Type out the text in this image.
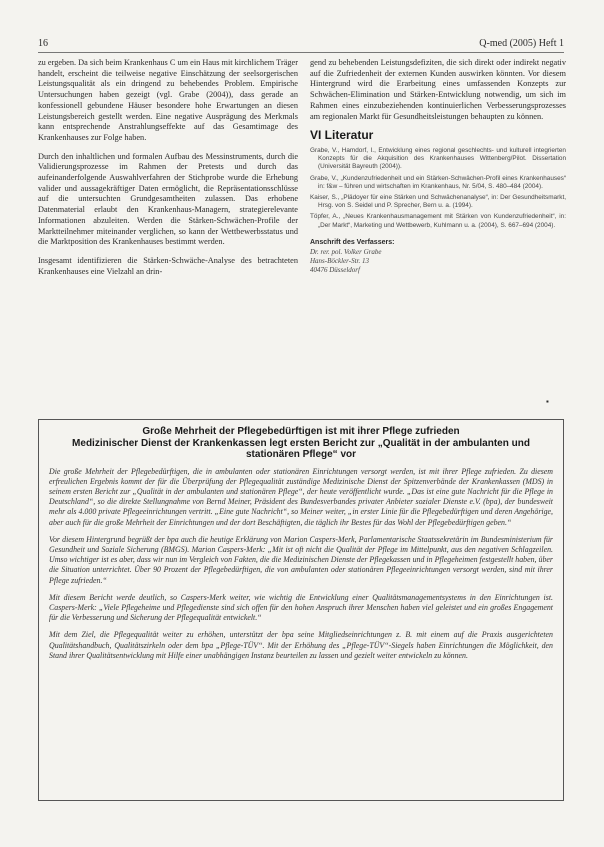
16	Q-med (2005) Heft 1

zu ergeben. Da sich beim Krankenhaus C um ein Haus mit kirchlichem Träger handelt, erscheint die teilweise negative Einschätzung der seelsorgerischen Leistungsqualität als ein dringend zu behebendes Problem. Empirische Untersuchungen haben gezeigt (vgl. Grabe (2004)), dass gerade an konfessionell gebundene Häuser besondere hohe Erwartungen an diesen Leistungsbereich gestellt werden. Eine negative Ausprägung des Merkmals kann entsprechende Anstrahlungseffekte auf das Gesamtimage des Krankenhauses zur Folge haben.

Durch den inhaltlichen und formalen Aufbau des Messinstruments, durch die Validierungsprozesse im Rahmen der Pretests und durch das aufeinanderfolgende Auswahlverfahren der Stichprobe wurde die Erhebung valider und aussagekräftiger Daten ermöglicht, die Repräsentationsschlüsse auf die untersuchten Grundgesamtheiten zulassen. Das erhobene Datenmaterial erlaubt den Krankenhaus-Managern, strategierelevante Informationen abzuleiten. Werden die Stärken-Schwächen-Profile der Marktteilnehmer miteinander verglichen, so kann der Wettbewerbsstatus und die Marktposition des Krankenhauses bestimmt werden.

Insgesamt identifizieren die Stärken-Schwäche-Analyse des betrachteten Krankenhauses eine Vielzahl an drin-

gend zu behebenden Leistungsdefiziten, die sich direkt oder indirekt negativ auf die Zufriedenheit der externen Kunden auswirken könnten. Vor diesem Hintergrund wird die Erarbeitung eines umfassenden Konzepts zur Schwächen-Elimination und Stärken-Entwicklung notwendig, um sich im Rahmen eines einzubeziehenden kontinuierlichen Verbesserungsprozesses am regionalen Markt für Gesundheitsleistungen behaupten zu können.

VI Literatur
Grabe, V., Hamdorf, I., Entwicklung eines regional geschlechts- und kulturell integrierten Konzepts für die Akquisition des Krankenhauses Wittenberg/Pilot. Dissertation (Universität Bayreuth (2004)).
Grabe, V., „Kundenzufriedenheit und ein Stärken-Schwächen-Profil eines Krankenhauses“ in: f&w – führen und wirtschaften im Krankenhaus, Nr. 5/04, S. 480–484 (2004).
Kaiser, S., „Plädoyer für eine Stärken und Schwächenanalyse“, in: Der Gesundheitsmarkt, Hrsg. von S. Seidel und P. Sprecher, Bern u. a. (1994).
Töpfer, A., „Neues Krankenhausmanagement mit Stärken von Kundenzufriedenheit“, in: „Der Markt“, Marketing und Wettbewerb, Kuhlmann u. a. (2004), S. 667–694 (2004).
Anschrift des Verfassers:
Dr. rer. pol. Volker Grabe
Hans-Böckler-Str. 13
40476 Düsseldorf
▪
Große Mehrheit der Pflegebedürftigen ist mit ihrer Pflege zufrieden
Medizinischer Dienst der Krankenkassen legt ersten Bericht zur „Qualität in der ambulanten und stationären Pflege“ vor

Die große Mehrheit der Pflegebedürftigen, die in ambulanten oder stationären Einrichtungen versorgt werden, ist mit ihrer Pflege zufrieden. Zu diesem erfreulichen Ergebnis kommt der für die Überprüfung der Pflegequalität zuständige Medizinische Dienst der Spitzenverbände der Krankenkassen (MDS) in seinem ersten Bericht zur „Qualität in der ambulanten und stationären Pflege“, der heute veröffentlicht wurde. „Das ist eine gute Nachricht für die Pflege in Deutschland“, so die direkte Stellungnahme von Bernd Meiner, Präsident des Bundesverbandes privater Anbieter sozialer Dienste e.V. (bpa), der bundesweit mehr als 4.000 private Pflegeeinrichtungen vertritt. „Eine gute Nachricht“, so Meiner weiter, „in erster Linie für die Pflegebedürftigen und deren Angehörige, aber auch für die große Mehrheit der Einrichtungen und der dort Beschäftigten, die täglich ihr Bestes für das Wohl der Pflegebedürftigen geben.“

Vor diesem Hintergrund begrüßt der bpa auch die heutige Erklärung von Marion Caspers-Merk, Parlamentarische Staatssekretärin im Bundesministerium für Gesundheit und Soziale Sicherung (BMGS). Marion Caspers-Merk: „Mit ist oft nicht die Qualität der Pflege im Mittelpunkt, aus den negativen Schlagzeilen. Umso wichtiger ist es aber, dass wir nun im Vergleich von Fakten, die die Medizinischen Dienste der Pflegekassen und in Pflegeheimen festgestellt haben, über die Situation unterrichtet. Über 90 Prozent der Pflegebedürftigen, die von ambulanten oder stationären Pflegeeinrichtungen versorgt werden, sind mit ihrer Pflege zufrieden.“

Mit diesem Bericht werde deutlich, so Caspers-Merk weiter, wie wichtig die Entwicklung einer Qualitätsmanagementsystems in den Einrichtungen ist. Caspers-Merk: „Viele Pflegeheime und Pflegedienste sind sich offen für den hohen Anspruch ihrer Menschen haben viel geleistet und ein großes Engagement für die Verbesserung und Sicherung der Pflegequalität entwickelt.“

Mit dem Ziel, die Pflegequalität weiter zu erhöhen, unterstützt der bpa seine Mitgliedseinrichtungen z. B. mit einem auf die Praxis ausgerichteten Qualitätshandbuch, Qualitätszirkeln oder dem bpa „Pflege-TÜV“. Mit der Erhöhung des „Pflege-TÜV“-Siegels haben Einrichtungen die Möglichkeit, den Stand ihrer Qualitätsentwicklung mit Hilfe einer unabhängigen Instanz beurteilen zu lassen und gezielt weiter entwickeln zu können.
